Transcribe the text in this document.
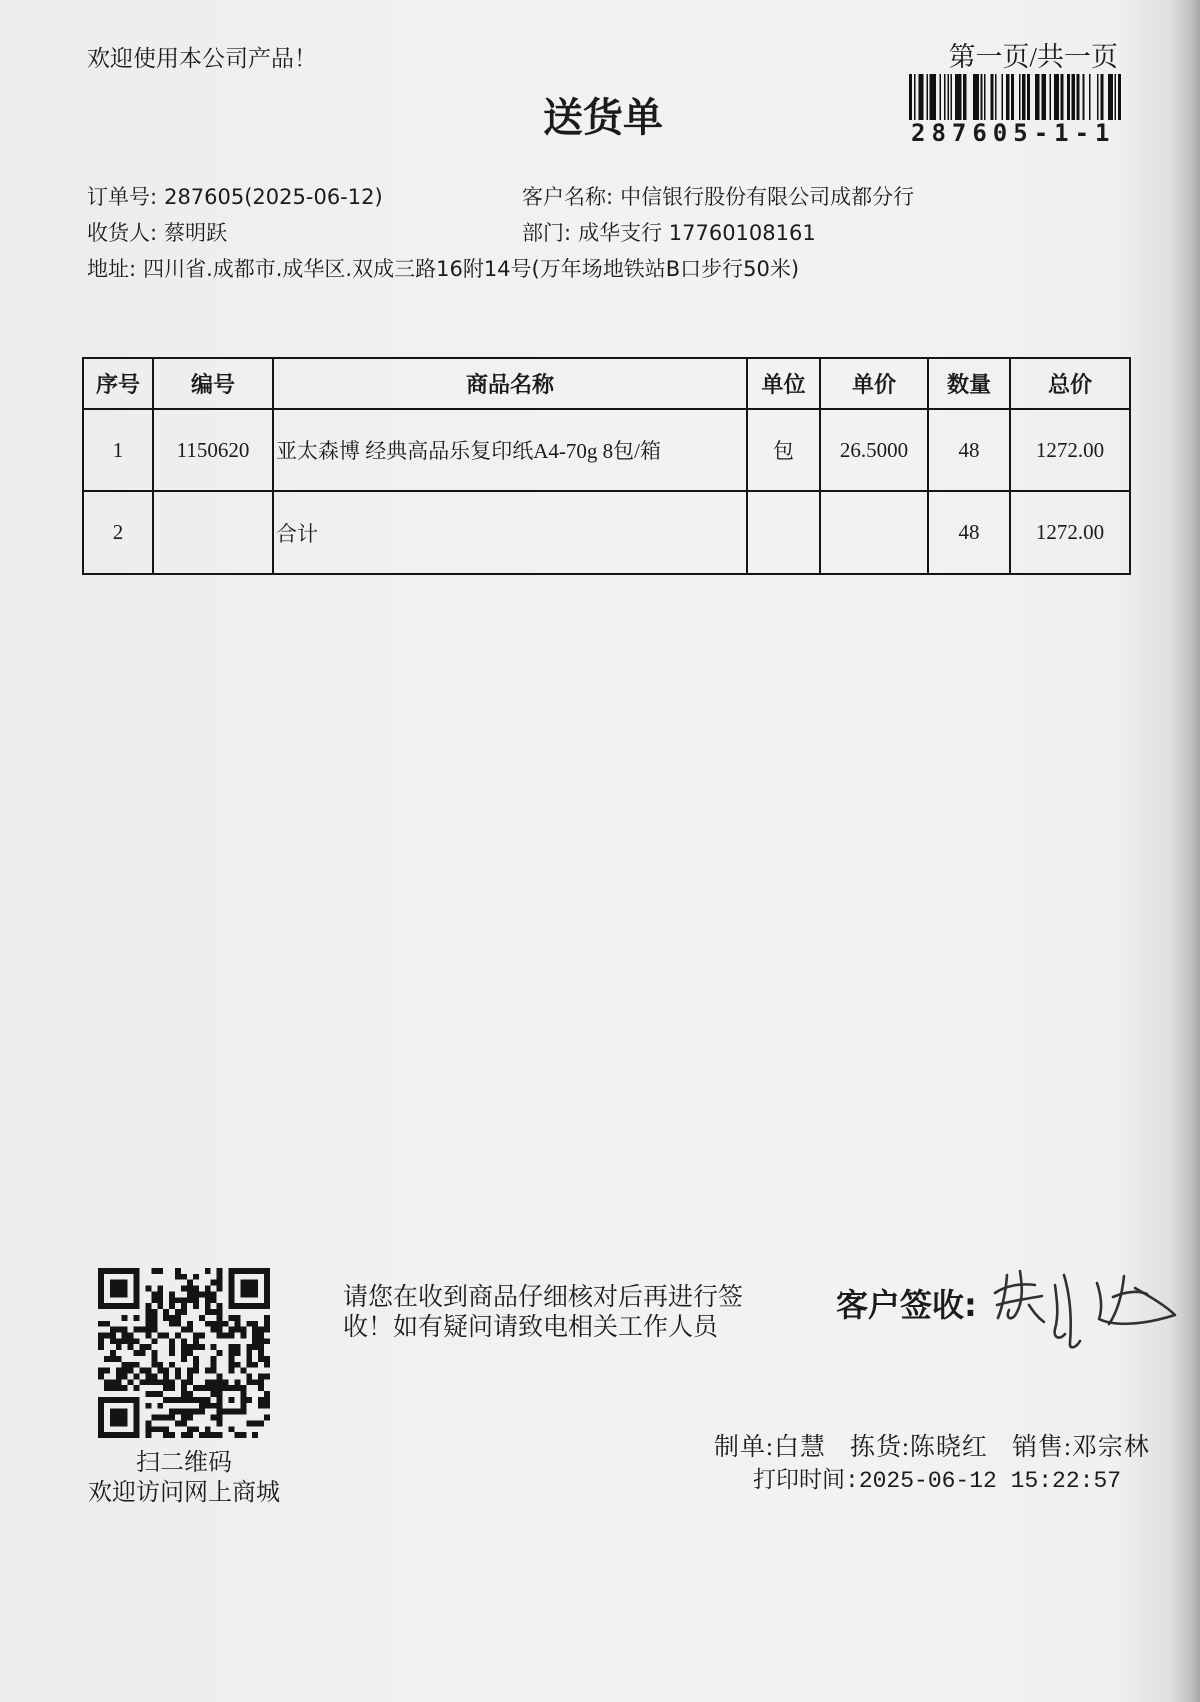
欢迎使用本公司产品！	第一页/共一页
287605-1-1
送货单
订单号: 287605(2025-06-12)	客户名称: 中信银行股份有限公司成都分行
收货人: 蔡明跃	部门: 成华支行 17760108161
地址: 四川省.成都市.成华区.双成三路16附14号(万年场地铁站B口步行50米)
序号	编号	商品名称	单位	单价	数量	总价
1	1150620	亚太森博 经典高品乐复印纸A4-70g 8包/箱	包	26.5000	48	1272.00
2		合计			48	1272.00
扫二维码
欢迎访问网上商城
请您在收到商品仔细核对后再进行签
收！如有疑问请致电相关工作人员
客户签收:
制单:白慧 拣货:陈晓红 销售:邓宗林
打印时间:2025-06-12 15:22:57
